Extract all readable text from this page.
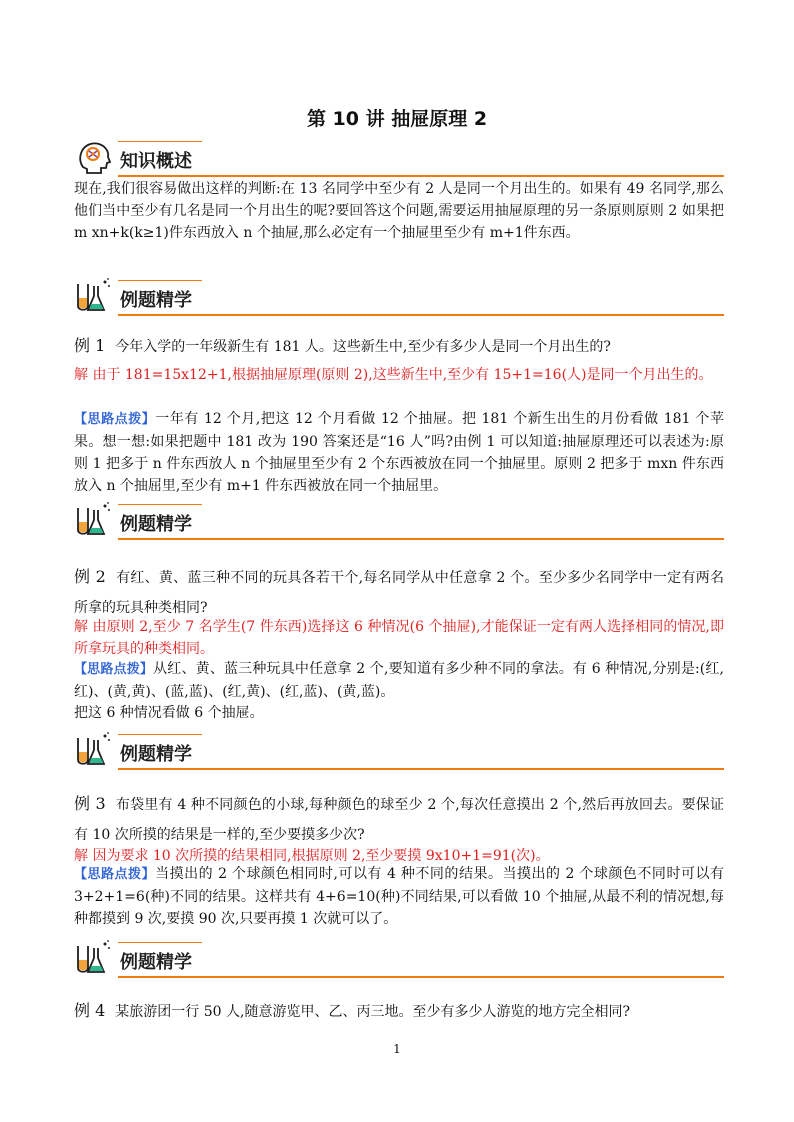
第 10 讲 抽屉原理 2
知识概述
现在,我们很容易做出这样的判断:在 13 名同学中至少有 2 人是同一个月出生的。如果有 49 名同学,那么他们当中至少有几名是同一个月出生的呢?要回答这个问题,需要运用抽屉原理的另一条原则原则 2 如果把 m xn+k(k≥1)件东西放入 n 个抽屉,那么必定有一个抽屉里至少有 m+1件东西。
例题精学
例 1 今年入学的一年级新生有 181 人。这些新生中,至少有多少人是同一个月出生的?
解 由于 181=15x12+1,根据抽屉原理(原则 2),这些新生中,至少有 15+1=16(人)是同一个月出生的。
【思路点拨】一年有 12 个月,把这 12 个月看做 12 个抽屉。把 181 个新生出生的月份看做 181 个苹果。想一想:如果把题中 181 改为 190 答案还是“16 人”吗?由例 1 可以知道:抽屉原理还可以表述为:原则 1 把多于 n 件东西放人 n 个抽屉里至少有 2 个东西被放在同一个抽屉里。原则 2 把多于 mxn 件东西放入 n 个抽屈里,至少有 m+1 件东西被放在同一个抽屈里。
例题精学
例 2 有红、黄、蓝三种不同的玩具各若干个,每名同学从中任意拿 2 个。至少多少名同学中一定有两名所拿的玩具种类相同?
解 由原则 2,至少 7 名学生(7 件东西)选择这 6 种情况(6 个抽屉),才能保证一定有两人选择相同的情况,即所拿玩具的种类相同。
【思路点拨】从红、黄、蓝三种玩具中任意拿 2 个,要知道有多少种不同的拿法。有 6 种情况,分别是:(红,红)、(黄,黄)、(蓝,蓝)、(红,黄)、(红,蓝)、(黄,蓝)。
把这 6 种情况看做 6 个抽屉。
例题精学
例 3 布袋里有 4 种不同颜色的小球,每种颜色的球至少 2 个,每次任意摸出 2 个,然后再放回去。要保证有 10 次所摸的结果是一样的,至少要摸多少次?
解 因为要求 10 次所摸的结果相同,根据原则 2,至少要摸 9x10+1=91(次)。
【思路点拨】当摸出的 2 个球颜色相同时,可以有 4 种不同的结果。当摸出的 2 个球颜色不同时可以有 3+2+1=6(种)不同的结果。这样共有 4+6=10(种)不同结果,可以看做 10 个抽屉,从最不利的情况想,每种都摸到 9 次,要摸 90 次,只要再摸 1 次就可以了。
例题精学
例 4 某旅游团一行 50 人,随意游览甲、乙、丙三地。至少有多少人游览的地方完全相同?
1
